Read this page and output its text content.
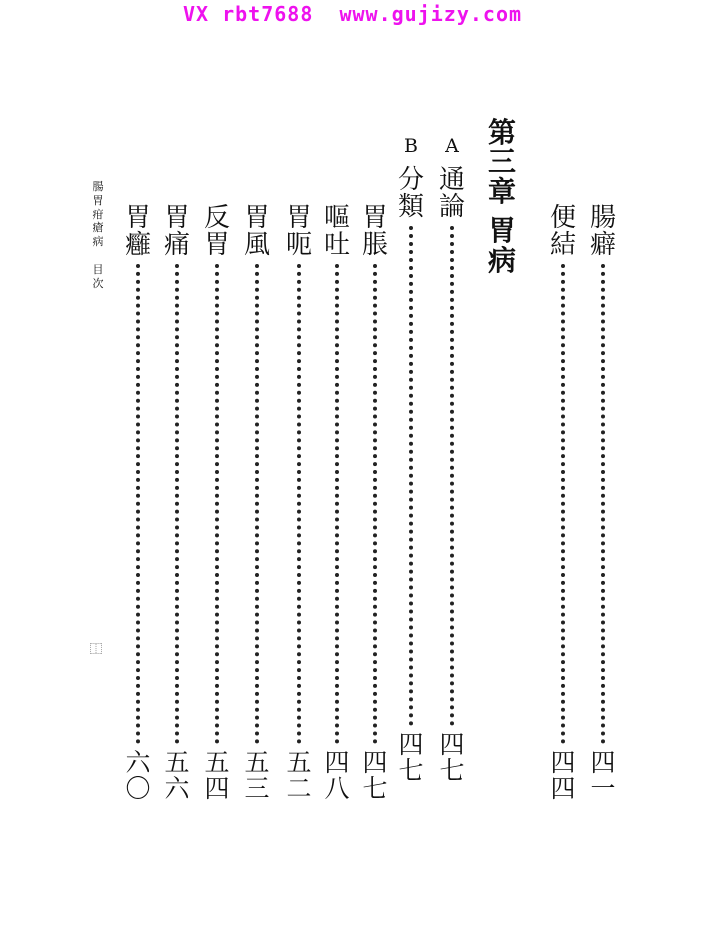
VX rbt7688  www.gujizy.com
腸
癖
四
一
便
結
四
四
第
三
章
胃
病
A
通
論
四
七
B
分
類
四
七
胃
脹
四
七
嘔
吐
四
八
胃
呃
五
二
胃
風
五
三
反
胃
五
四
胃
痛
五
六
胃
癰
六
〇
腸
胃
疳
瘡
病
目
次
⿰
